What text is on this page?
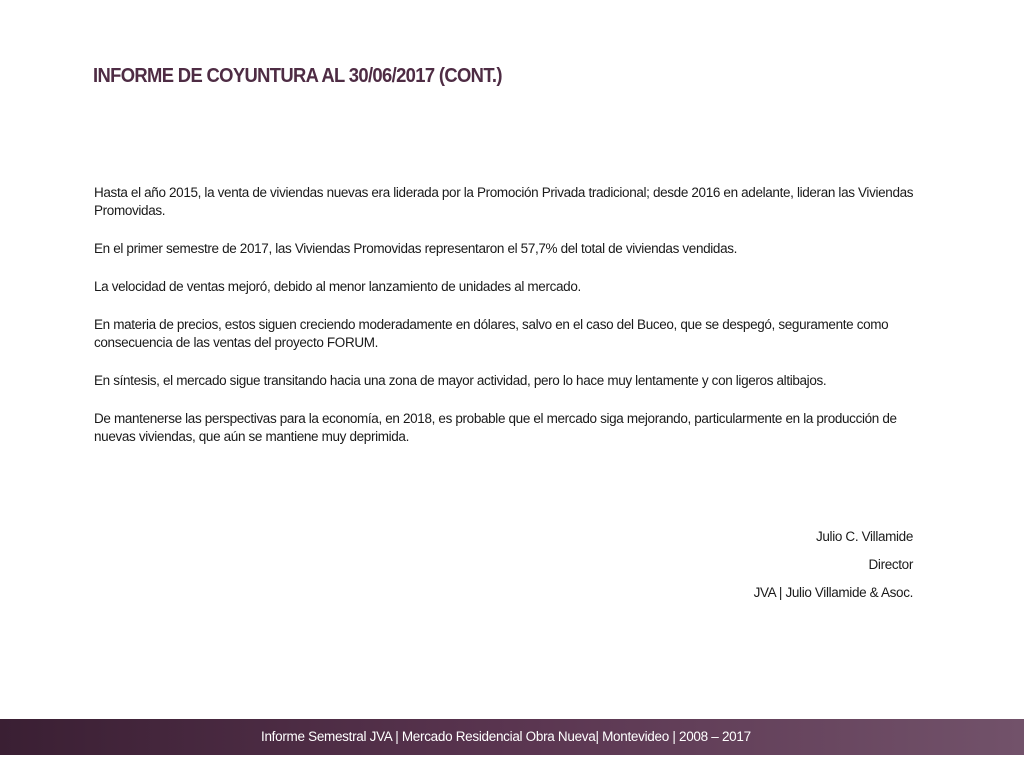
INFORME DE COYUNTURA AL 30/06/2017 (CONT.)

Hasta el año 2015, la venta de viviendas nuevas era liderada por la Promoción Privada tradicional; desde 2016 en adelante, lideran las Viviendas Promovidas.

En el primer semestre de 2017, las Viviendas Promovidas representaron el 57,7% del total de viviendas vendidas.

La velocidad de ventas mejoró, debido al menor lanzamiento de unidades al mercado.

En materia de precios, estos siguen creciendo moderadamente en dólares, salvo en el caso del Buceo, que se despegó, seguramente como consecuencia de las ventas del proyecto FORUM.

En síntesis, el mercado sigue transitando hacia una zona de mayor actividad, pero lo hace muy lentamente y con ligeros altibajos.

De mantenerse las perspectivas para la economía, en 2018, es probable que el mercado siga mejorando, particularmente en la producción de nuevas viviendas, que aún se mantiene muy deprimida.

Julio C. Villamide
Director
JVA | Julio Villamide & Asoc.
Informe Semestral JVA | Mercado Residencial Obra Nueva| Montevideo | 2008 – 2017
